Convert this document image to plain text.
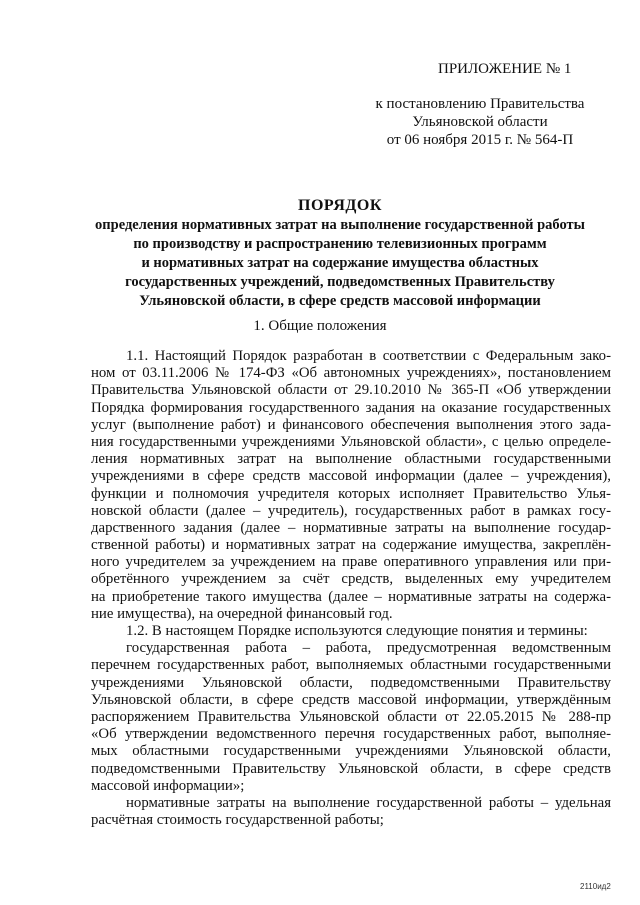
ПРИЛОЖЕНИЕ № 1
к постановлению Правительства
Ульяновской области
от 06 ноября 2015 г. № 564-П
ПОРЯДОК
определения нормативных затрат на выполнение государственной работы
по производству и распространению телевизионных программ
и нормативных затрат на содержание имущества областных
государственных учреждений, подведомственных Правительству
Ульяновской области, в сфере средств массовой информации
1. Общие положения
1.1. Настоящий Порядок разработан в соответствии с Федеральным зако-
ном от 03.11.2006 № 174-ФЗ «Об автономных учреждениях», постановлением
Правительства Ульяновской области от 29.10.2010 № 365-П «Об утверждении
Порядка формирования государственного задания на оказание государственных
услуг (выполнение работ) и финансового обеспечения выполнения этого зада-
ния государственными учреждениями Ульяновской области», с целью определе-
ления нормативных затрат на выполнение областными государственными
учреждениями в сфере средств массовой информации (далее – учреждения),
функции и полномочия учредителя которых исполняет Правительство Улья-
новской области (далее – учредитель), государственных работ в рамках госу-
дарственного задания (далее – нормативные затраты на выполнение государ-
ственной работы) и нормативных затрат на содержание имущества, закреплён-
ного учредителем за учреждением на праве оперативного управления или при-
обретённого учреждением за счёт средств, выделенных ему учредителем
на приобретение такого имущества (далее – нормативные затраты на содержа-
ние имущества), на очередной финансовый год.
1.2. В настоящем Порядке используются следующие понятия и термины:
государственная работа – работа, предусмотренная ведомственным
перечнем государственных работ, выполняемых областными государственными
учреждениями Ульяновской области, подведомственными Правительству
Ульяновской области, в сфере средств массовой информации, утверждённым
распоряжением Правительства Ульяновской области от 22.05.2015 № 288-пр
«Об утверждении ведомственного перечня государственных работ, выполняе-
мых областными государственными учреждениями Ульяновской области,
подведомственными Правительству Ульяновской области, в сфере средств
массовой информации»;
нормативные затраты на выполнение государственной работы – удельная
расчётная стоимость государственной работы;
2110ид2
